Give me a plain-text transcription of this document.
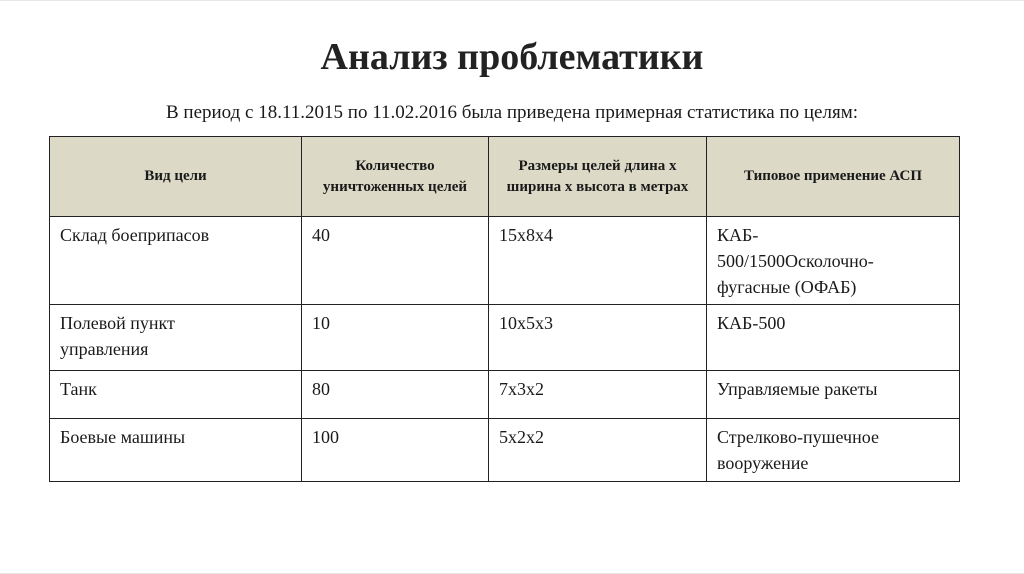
Анализ проблематики
В период с 18.11.2015 по 11.02.2016 была приведена примерная статистика по целям:
Вид цели	Количество уничтоженных целей	Размеры целей длина х ширина х высота в метрах	Типовое применение АСП
Склад боеприпасов	40	15х8х4	КАБ-
500/1500Осколочно-
фугасные (ОФАБ)
Полевой пункт
управления	10	10х5х3	КАБ-500
Танк	80	7х3х2	Управляемые ракеты
Боевые машины	100	5х2х2	Стрелково-пушечное
вооружение
